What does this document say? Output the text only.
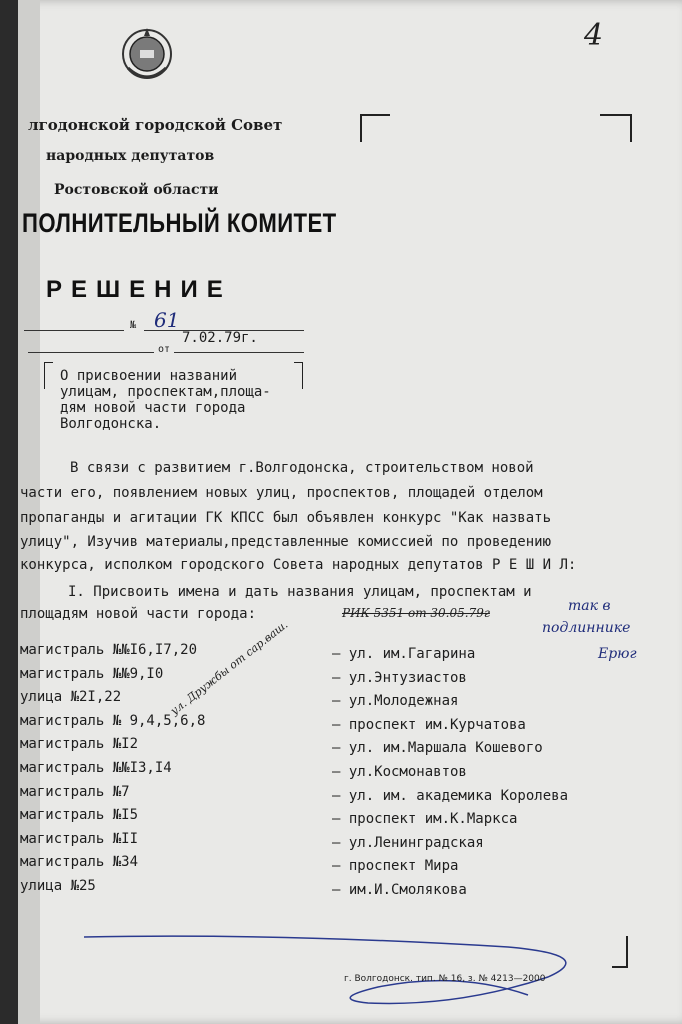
4
лгодонской городской Совет
народных депутатов
Ростовской области
ПОЛНИТЕЛЬНЫЙ КОМИТЕТ
РЕШЕНИЕ
№ 61
от
7.02.79г.
О присвоении названий
улицам, проспектам,площа-
дям новой части города
Волгодонска.
В связи с развитием г.Волгодонска, строительством новой
части его, появлением новых улиц, проспектов, площадей отделом
пропаганды и агитации ГК КПСС был объявлен конкурс "Как назвать
улицу", Изучив материалы,представленные комиссией по проведению
конкурса, исполком городского Совета народных депутатов Р Е Ш И Л:
I. Присвоить имена и дать названия улицам, проспектам и
площадям новой части города:	РИК 5351 от 30.05.79г	так в
подлиннике
Ерюг
ул. Дружбы от сар.ваш.
магистраль №№I6,I7,20
магистраль №№9,I0
улица №2I,22
магистраль № 9,4,5,6,8
магистраль №I2
магистраль №№I3,I4
магистраль №7
магистраль №I5
магистраль №II
магистраль №34
улица №25
– ул. им.Гагарина
– ул.Энтузиастов
– ул.Молодежная
– проспект им.Курчатова
– ул. им.Маршала Кошевого
– ул.Космонавтов
– ул. им. академика Королева
– проспект им.К.Маркса
– ул.Ленинградская
– проспект Мира
– им.И.Смолякова
г. Волгодонск. тип. № 16, з. № 4213—2000
